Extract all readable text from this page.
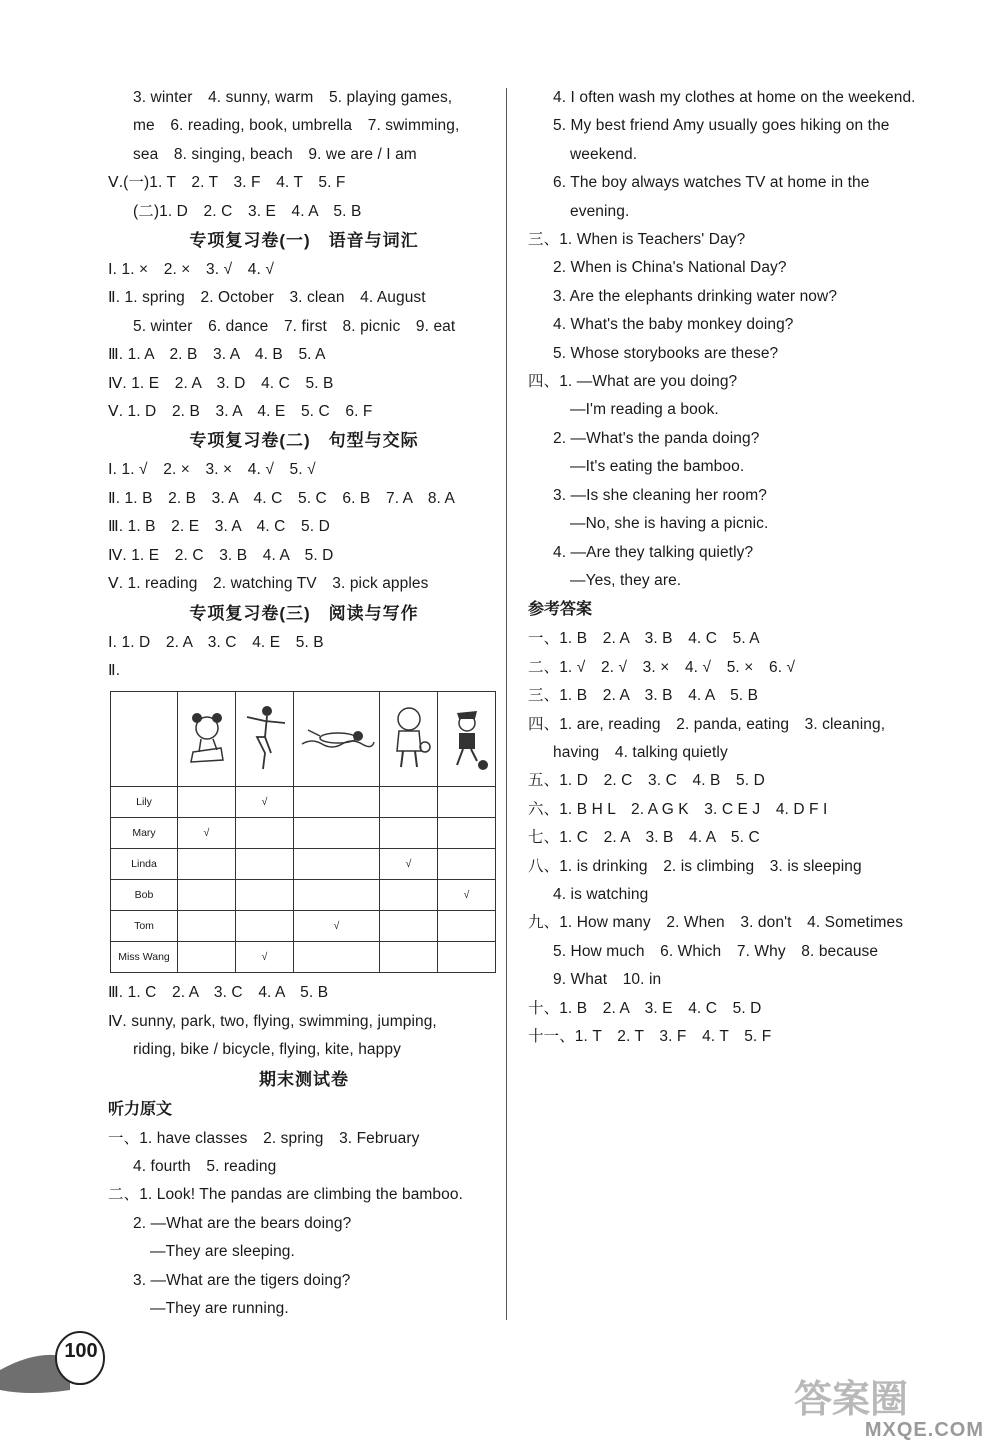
3. winter　4. sunny, warm　5. playing games,
me　6. reading, book, umbrella　7. swimming,
sea　8. singing, beach　9. we are / I am
Ⅴ.(一)1. T　2. T　3. F　4. T　5. F
(二)1. D　2. C　3. E　4. A　5. B
专项复习卷(一)　语音与词汇
Ⅰ. 1. ×　2. ×　3. √　4. √
Ⅱ. 1. spring　2. October　3. clean　4. August
5. winter　6. dance　7. first　8. picnic　9. eat
Ⅲ. 1. A　2. B　3. A　4. B　5. A
Ⅳ. 1. E　2. A　3. D　4. C　5. B
Ⅴ. 1. D　2. B　3. A　4. E　5. C　6. F
专项复习卷(二)　句型与交际
Ⅰ. 1. √　2. ×　3. ×　4. √　5. √
Ⅱ. 1. B　2. B　3. A　4. C　5. C　6. B　7. A　8. A
Ⅲ. 1. B　2. E　3. A　4. C　5. D
Ⅳ. 1. E　2. C　3. B　4. A　5. D
Ⅴ. 1. reading　2. watching TV　3. pick apples
专项复习卷(三)　阅读与写作
Ⅰ. 1. D　2. A　3. C　4. E　5. B
Ⅱ.

Lily		√			
Mary	√				
Linda				√	
Bob					√
Tom			√		
Miss Wang		√			
Ⅲ. 1. C　2. A　3. C　4. A　5. B
Ⅳ. sunny, park, two, flying, swimming, jumping,
riding, bike / bicycle, flying, kite, happy
期末测试卷
听力原文
一、1. have classes　2. spring　3. February
4. fourth　5. reading
二、1. Look! The pandas are climbing the bamboo.
2. —What are the bears doing?
—They are sleeping.
3. —What are the tigers doing?
—They are running.
4. I often wash my clothes at home on the weekend.
5. My best friend Amy usually goes hiking on the
weekend.
6. The boy always watches TV at home in the
evening.
三、1. When is Teachers' Day?
2. When is China's National Day?
3. Are the elephants drinking water now?
4. What's the baby monkey doing?
5. Whose storybooks are these?
四、1. —What are you doing?
—I'm reading a book.
2. —What's the panda doing?
—It's eating the bamboo.
3. —Is she cleaning her room?
—No, she is having a picnic.
4. —Are they talking quietly?
—Yes, they are.
参考答案
一、1. B　2. A　3. B　4. C　5. A
二、1. √　2. √　3. ×　4. √　5. ×　6. √
三、1. B　2. A　3. B　4. A　5. B
四、1. are, reading　2. panda, eating　3. cleaning,
having　4. talking quietly
五、1. D　2. C　3. C　4. B　5. D
六、1. B H L　2. A G K　3. C E J　4. D F I
七、1. C　2. A　3. B　4. A　5. C
八、1. is drinking　2. is climbing　3. is sleeping
4. is watching
九、1. How many　2. When　3. don't　4. Sometimes
5. How much　6. Which　7. Why　8. because
9. What　10. in
十、1. B　2. A　3. E　4. C　5. D
十一、1. T　2. T　3. F　4. T　5. F
100
答案圈
MXQE.COM
